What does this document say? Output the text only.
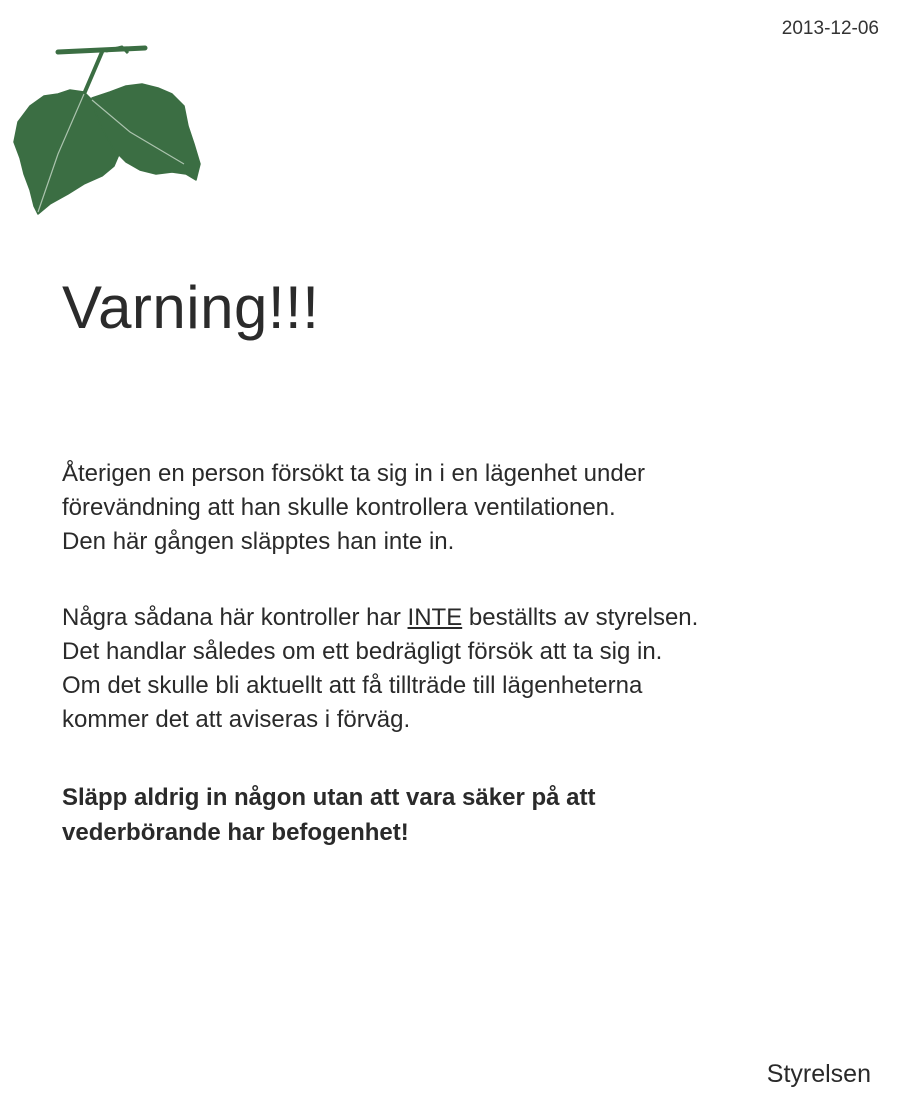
2013-12-06
Varning!!!

Återigen en person försökt ta sig in i en lägenhet under
förevändning att han skulle kontrollera ventilationen.
Den här gången släpptes han inte in.

Några sådana här kontroller har INTE beställts av styrelsen.
Det handlar således om ett bedrägligt försök att ta sig in.
Om det skulle bli aktuellt att få tillträde till lägenheterna
kommer det att aviseras i förväg.

Släpp aldrig in någon utan att vara säker på att
vederbörande har befogenhet!

Styrelsen
